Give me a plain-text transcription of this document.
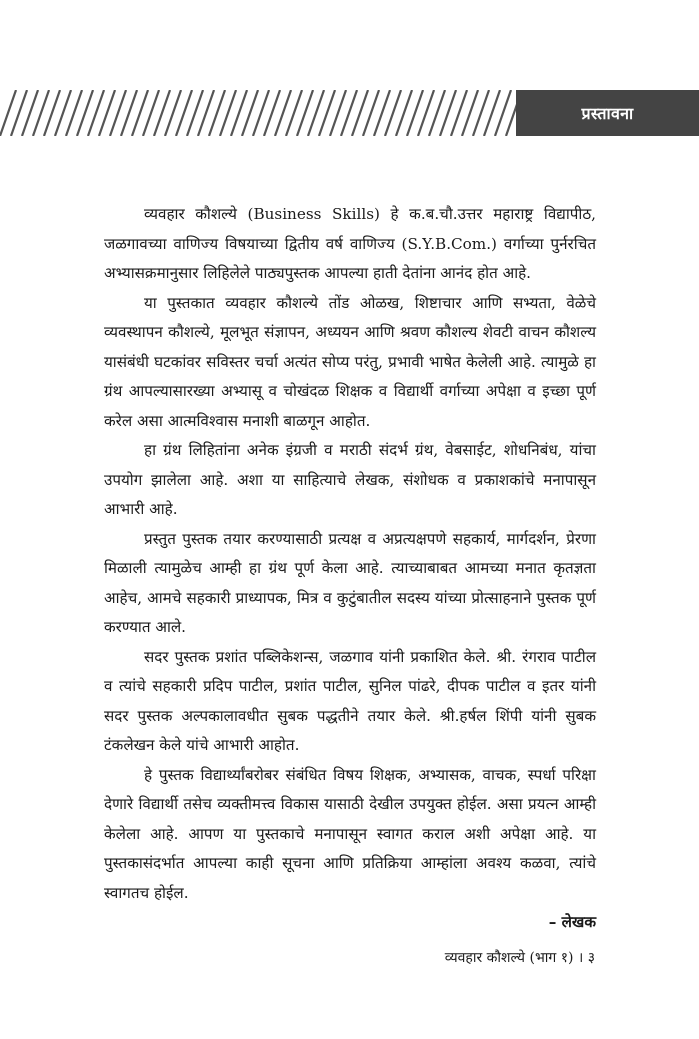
प्रस्तावना

व्यवहार कौशल्ये (Business Skills) हे क.ब.चौ.उत्तर महाराष्ट्र विद्यापीठ, जळगावच्या वाणिज्य विषयाच्या द्वितीय वर्ष वाणिज्य (S.Y.B.Com.) वर्गाच्या पुर्नरचित अभ्यासक्रमानुसार लिहिलेले पाठ्यपुस्तक आपल्या हाती देतांना आनंद होत आहे.

या पुस्तकात व्यवहार कौशल्ये तोंड ओळख, शिष्टाचार आणि सभ्यता, वेळेचे व्यवस्थापन कौशल्ये, मूलभूत संज्ञापन, अध्ययन आणि श्रवण कौशल्य शेवटी वाचन कौशल्य यासंबंधी घटकांवर सविस्तर चर्चा अत्यंत सोप्य परंतु, प्रभावी भाषेत केलेली आहे. त्यामुळे हा ग्रंथ आपल्यासारख्या अभ्यासू व चोखंदळ शिक्षक व विद्यार्थी वर्गाच्या अपेक्षा व इच्छा पूर्ण करेल असा आत्मविश्वास मनाशी बाळगून आहोत.

हा ग्रंथ लिहितांना अनेक इंग्रजी व मराठी संदर्भ ग्रंथ, वेबसाईट, शोधनिबंध, यांचा उपयोग झालेला आहे. अशा या साहित्याचे लेखक, संशोधक व प्रकाशकांचे मनापासून आभारी आहे.

प्रस्तुत पुस्तक तयार करण्यासाठी प्रत्यक्ष व अप्रत्यक्षपणे सहकार्य, मार्गदर्शन, प्रेरणा मिळाली त्यामुळेच आम्ही हा ग्रंथ पूर्ण केला आहे. त्याच्याबाबत आमच्या मनात कृतज्ञता आहेच, आमचे सहकारी प्राध्यापक, मित्र व कुटुंबातील सदस्य यांच्या प्रोत्साहनाने पुस्तक पूर्ण करण्यात आले.

सदर पुस्तक प्रशांत पब्लिकेशन्स, जळगाव यांनी प्रकाशित केले. श्री. रंगराव पाटील व त्यांचे सहकारी प्रदिप पाटील, प्रशांत पाटील, सुनिल पांढरे, दीपक पाटील व इतर यांनी सदर पुस्तक अल्पकालावधीत सुबक पद्धतीने तयार केले. श्री.हर्षल शिंपी यांनी सुबक टंकलेखन केले यांचे आभारी आहोत.

हे पुस्तक विद्यार्थ्यांबरोबर संबंधित विषय शिक्षक, अभ्यासक, वाचक, स्पर्धा परिक्षा देणारे विद्यार्थी तसेच व्यक्तीमत्त्व विकास यासाठी देखील उपयुक्त होईल. असा प्रयत्न आम्ही केलेला आहे. आपण या पुस्तकाचे मनापासून स्वागत कराल अशी अपेक्षा आहे. या पुस्तकासंदर्भात आपल्या काही सूचना आणि प्रतिक्रिया आम्हांला अवश्य कळवा, त्यांचे स्वागतच होईल.

– लेखक

व्यवहार कौशल्ये (भाग १) । ३
